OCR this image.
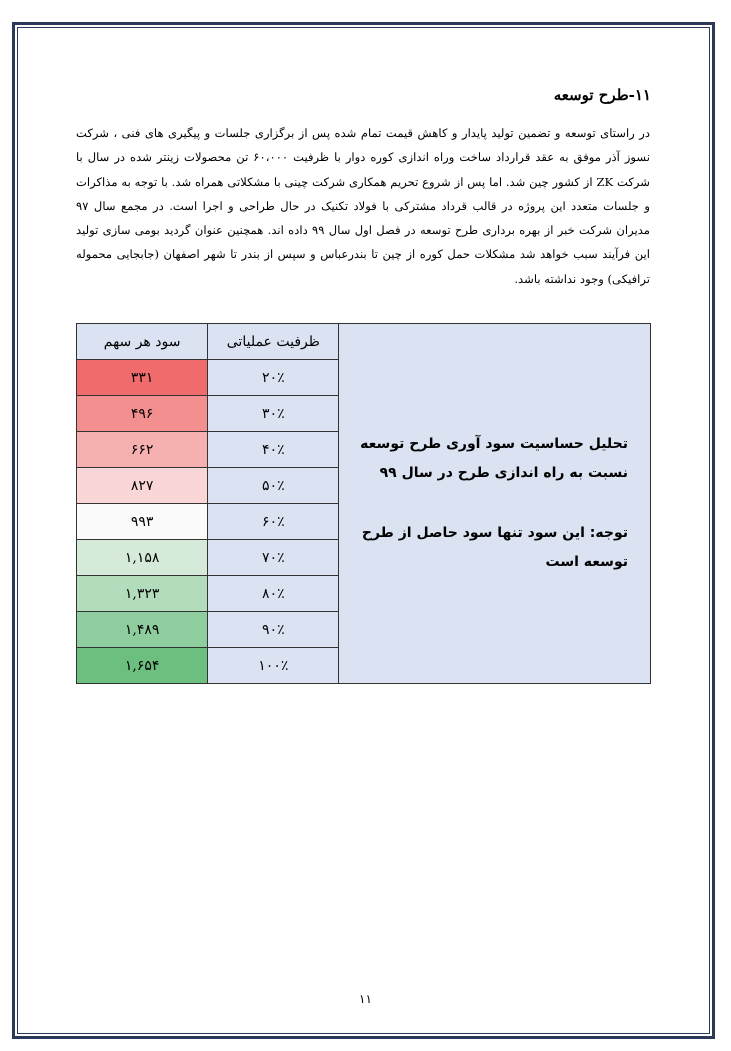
۱۱-طرح توسعه
در راستای توسعه و تضمین تولید پایدار و کاهش قیمت تمام شده پس از برگزاری جلسات و پیگیری های فنی ، شرکت نسوز آذر موفق به عقد قرارداد ساخت وراه اندازی کوره دوار با ظرفیت ۶۰،۰۰۰ تن محصولات زینتر شده در سال با شرکت ZK از کشور چین شد. اما پس از شروع تحریم همکاری شرکت چینی با مشکلاتی همراه شد. با توجه به مذاکرات و جلسات متعدد این پروژه در قالب قرداد مشترکی با فولاد تکنیک در حال طراحی و اجرا است. در مجمع سال ۹۷ مدیران شرکت خبر از بهره برداری طرح توسعه در فصل اول سال ۹۹ داده اند. همچنین عنوان گردید بومی سازی تولید این فرآیند سبب خواهد شد مشکلات حمل کوره از چین تا بندرعباس و سپس از بندر تا شهر اصفهان (جابجایی محموله ترافیکی) وجود نداشته باشد.
سود هر سهم	ظرفیت عملیاتی	تحلیل حساسیت سود آوری طرح توسعه نسبت به راه اندازی طرح در سال ۹۹

توجه: این سود تنها سود حاصل از طرح توسعه است

۳۳۱	۲۰٪	
۴۹۶	۳۰٪	
۶۶۲	۴۰٪	
۸۲۷	۵۰٪	
۹۹۳	۶۰٪	
۱,۱۵۸	۷۰٪	
۱,۳۲۳	۸۰٪	
۱,۴۸۹	۹۰٪	
۱,۶۵۴	۱۰۰٪	
۱۱
